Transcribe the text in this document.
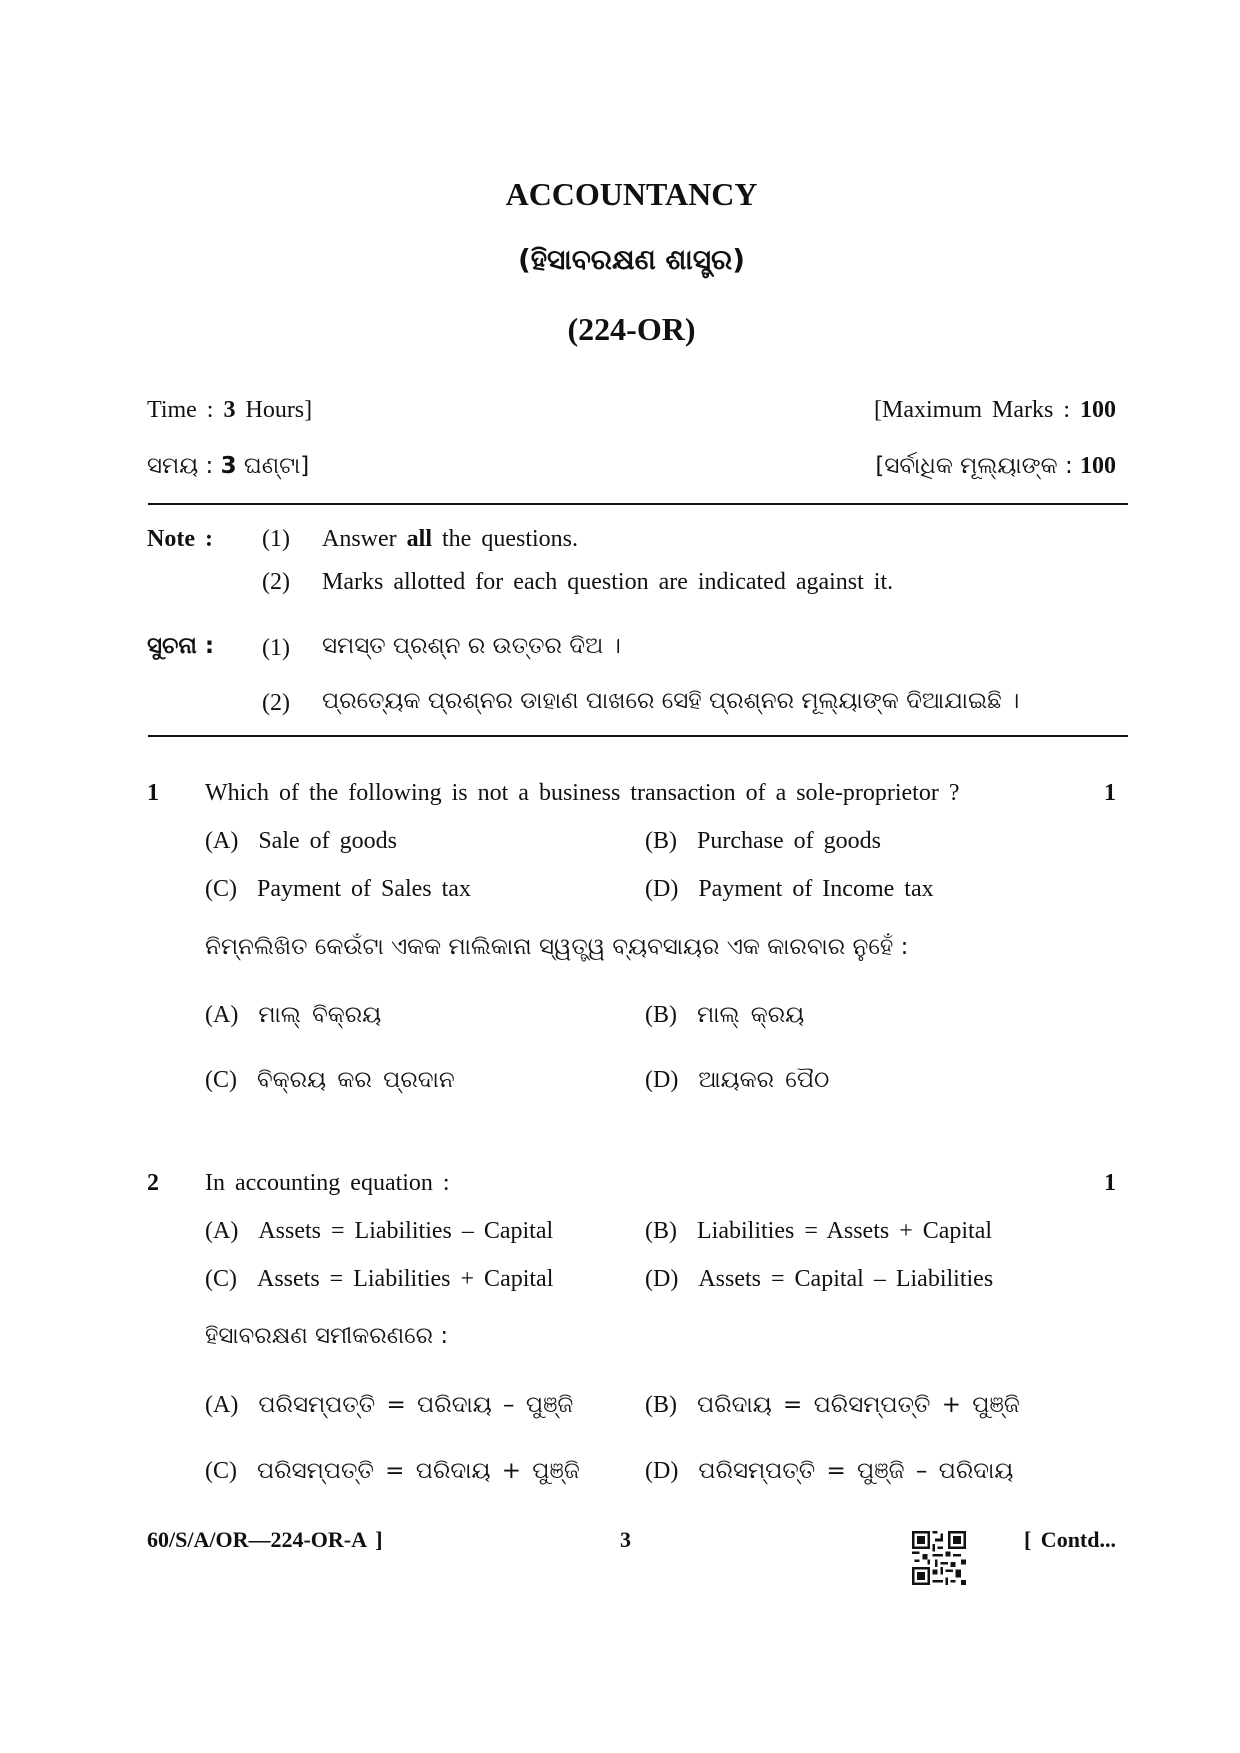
ACCOUNTANCY
(ହିସାବରକ୍ଷଣ ଶାସ୍ତ୍ର)
(224-OR)
Time : 3 Hours]	[Maximum Marks : 100
ସମୟ : 3 ଘଣ୍ଟା]	[ସର୍ବାଧିକ ମୂଲ୍ୟାଙ୍କ : 100
Note : (1) Answer all the questions.
(2) Marks allotted for each question are indicated against it.
ସୁଚନା : (1) ସମସ୍ତ ପ୍ରଶ୍ନ ର ଉତ୍ତର ଦିଅ ।
(2) ପ୍ରତ୍ୟେକ ପ୍ରଶ୍ନର ଡାହାଣ ପାଖରେ ସେହି ପ୍ରଶ୍ନର ମୂଲ୍ୟାଙ୍କ ଦିଆଯାଇଛି ।
1 Which of the following is not a business transaction of a sole-proprietor ?	1
(A) Sale of goods	(B) Purchase of goods
(C) Payment of Sales tax	(D) Payment of Income tax
ନିମ୍ନଲିଖିତ କେଉଁଟା ଏକକ ମାଲିକାନା ସ୍ୱତ୍ତ୍ୱ ବ୍ୟବସାୟର ଏକ କାରବାର ନୁହେଁ :
(A) ମାଲ୍ ବିକ୍ରୟ	(B) ମାଲ୍ କ୍ରୟ
(C) ବିକ୍ରୟ କର ପ୍ରଦାନ	(D) ଆୟକର ପୈଠ
2 In accounting equation :	1
(A) Assets = Liabilities – Capital	(B) Liabilities = Assets + Capital
(C) Assets = Liabilities + Capital	(D) Assets = Capital – Liabilities
ହିସାବରକ୍ଷଣ ସମୀକରଣରେ :
(A) ପରିସମ୍ପତ୍ତି = ପରିଦାୟ – ପୁଞ୍ଜି	(B) ପରିଦାୟ = ପରିସମ୍ପତ୍ତି + ପୁଞ୍ଜି
(C) ପରିସମ୍ପତ୍ତି = ପରିଦାୟ + ପୁଞ୍ଜି	(D) ପରିସମ୍ପତ୍ତି = ପୁଞ୍ଜି – ପରିଦାୟ
60/S/A/OR—224-OR-A ]	3	[ Contd...
